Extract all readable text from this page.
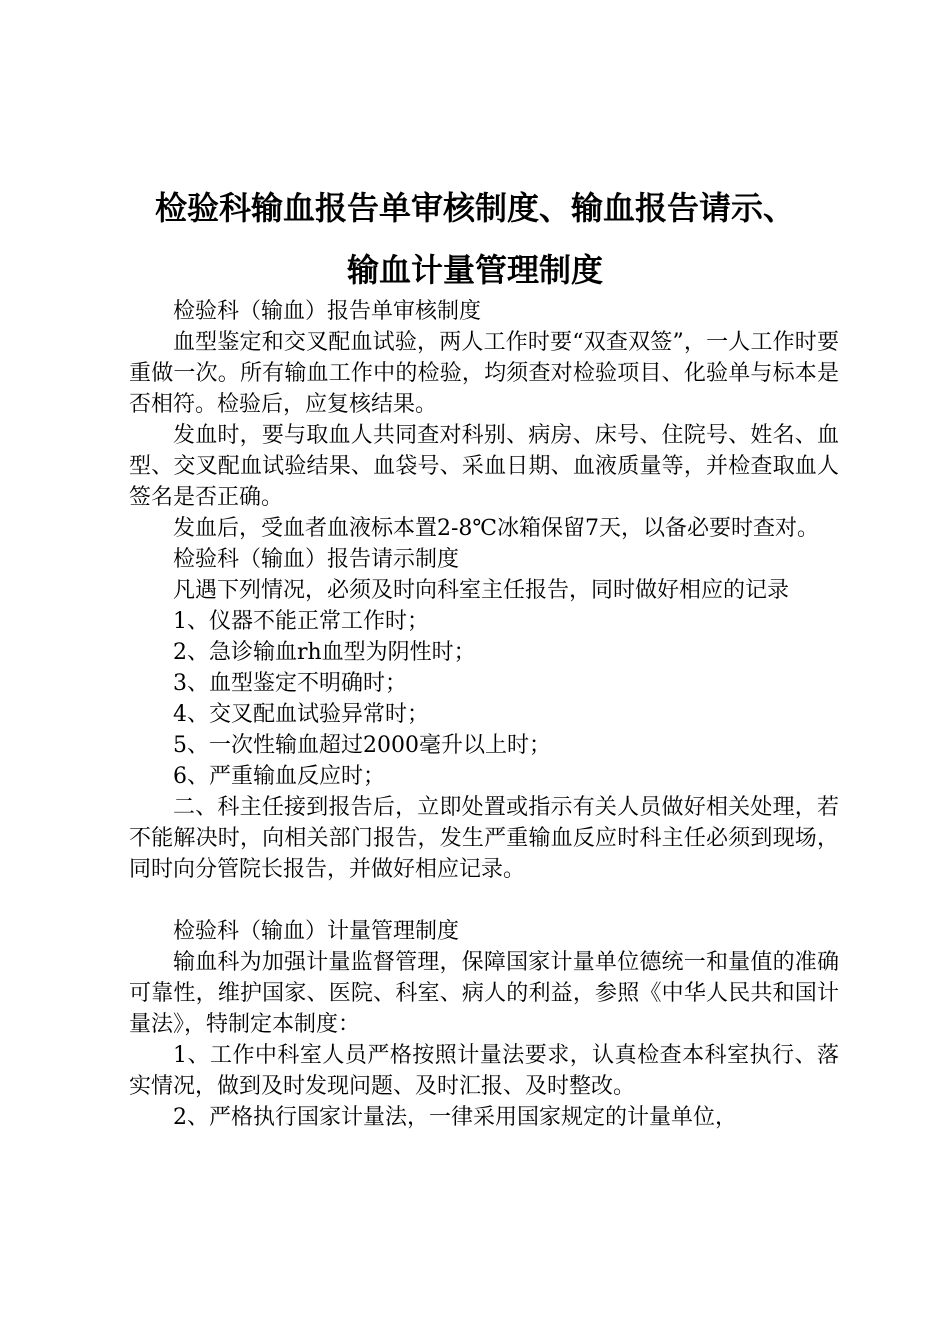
检验科输血报告单审核制度、输血报告请示、
输血计量管理制度

检验科（输血）报告单审核制度

血型鉴定和交叉配血试验，两人工作时要“双查双签”，一人工作时要重做一次。所有输血工作中的检验，均须查对检验项目、化验单与标本是否相符。检验后，应复核结果。

发血时，要与取血人共同查对科别、病房、床号、住院号、姓名、血型、交叉配血试验结果、血袋号、采血日期、血液质量等，并检查取血人签名是否正确。

发血后，受血者血液标本置2-8℃冰箱保留7天，以备必要时查对。

检验科（输血）报告请示制度

凡遇下列情况，必须及时向科室主任报告，同时做好相应的记录

1、仪器不能正常工作时；

2、急诊输血rh血型为阴性时；

3、血型鉴定不明确时；

4、交叉配血试验异常时；

5、一次性输血超过2000毫升以上时；

6、严重输血反应时；

二、科主任接到报告后，立即处置或指示有关人员做好相关处理，若不能解决时，向相关部门报告，发生严重输血反应时科主任必须到现场，同时向分管院长报告，并做好相应记录。

检验科（输血）计量管理制度

输血科为加强计量监督管理，保障国家计量单位德统一和量值的准确可靠性，维护国家、医院、科室、病人的利益，参照《中华人民共和国计量法》，特制定本制度：

1、工作中科室人员严格按照计量法要求，认真检查本科室执行、落实情况，做到及时发现问题、及时汇报、及时整改。

2、严格执行国家计量法，一律采用国家规定的计量单位，
